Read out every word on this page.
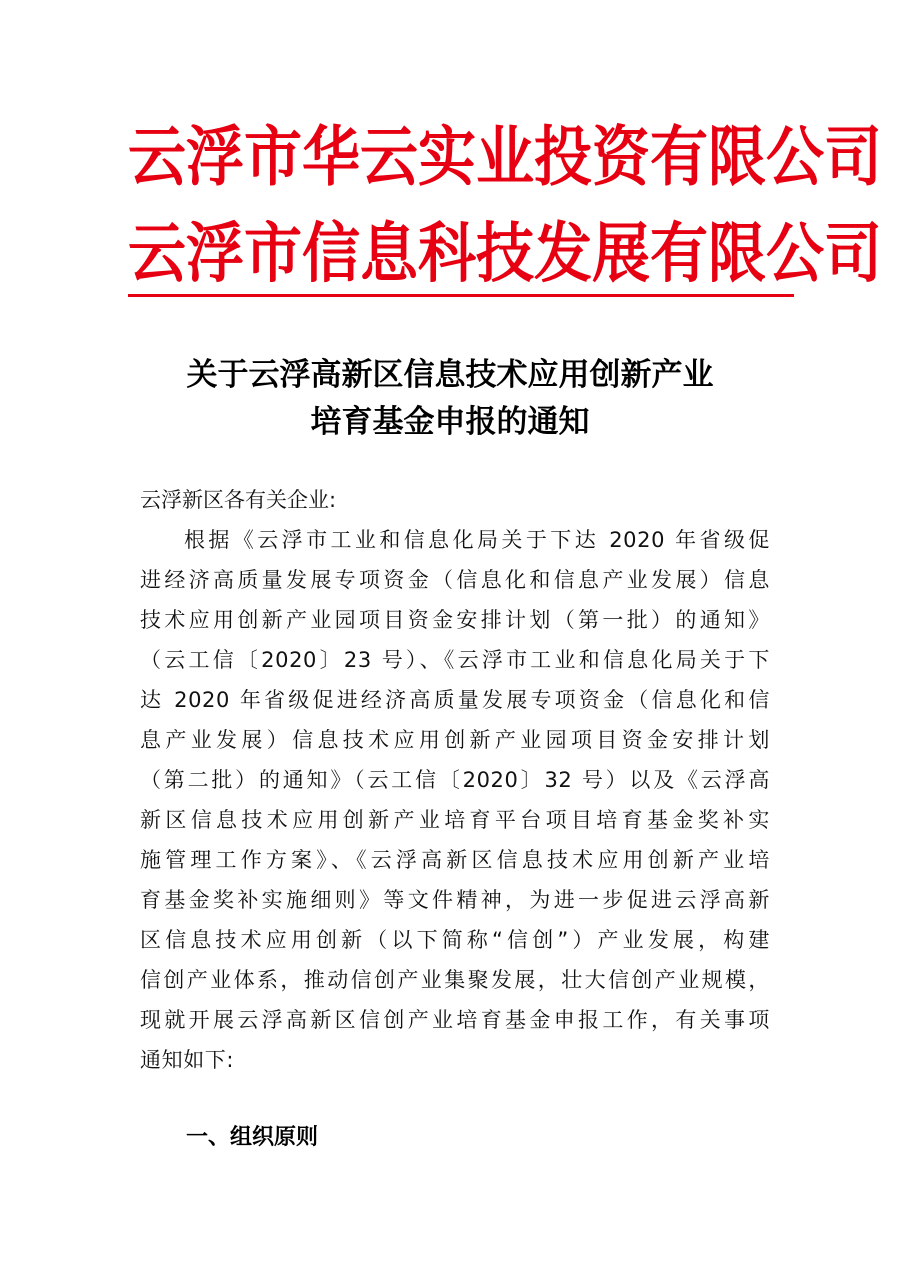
云浮市华云实业投资有限公司
云浮市信息科技发展有限公司
关于云浮高新区信息技术应用创新产业
培育基金申报的通知
云浮新区各有关企业:
根据《云浮市工业和信息化局关于下达 2020 年省级促
进经济高质量发展专项资金（信息化和信息产业发展）信息
技术应用创新产业园项目资金安排计划（第一批）的通知》
（云工信〔2020〕23 号）、《云浮市工业和信息化局关于下
达 2020 年省级促进经济高质量发展专项资金（信息化和信
息产业发展）信息技术应用创新产业园项目资金安排计划
（第二批）的通知》（云工信〔2020〕32 号）以及《云浮高
新区信息技术应用创新产业培育平台项目培育基金奖补实
施管理工作方案》、《云浮高新区信息技术应用创新产业培
育基金奖补实施细则》等文件精神，为进一步促进云浮高新
区信息技术应用创新（以下简称“信创”）产业发展，构建
信创产业体系，推动信创产业集聚发展，壮大信创产业规模，
现就开展云浮高新区信创产业培育基金申报工作，有关事项
通知如下:
一、组织原则
